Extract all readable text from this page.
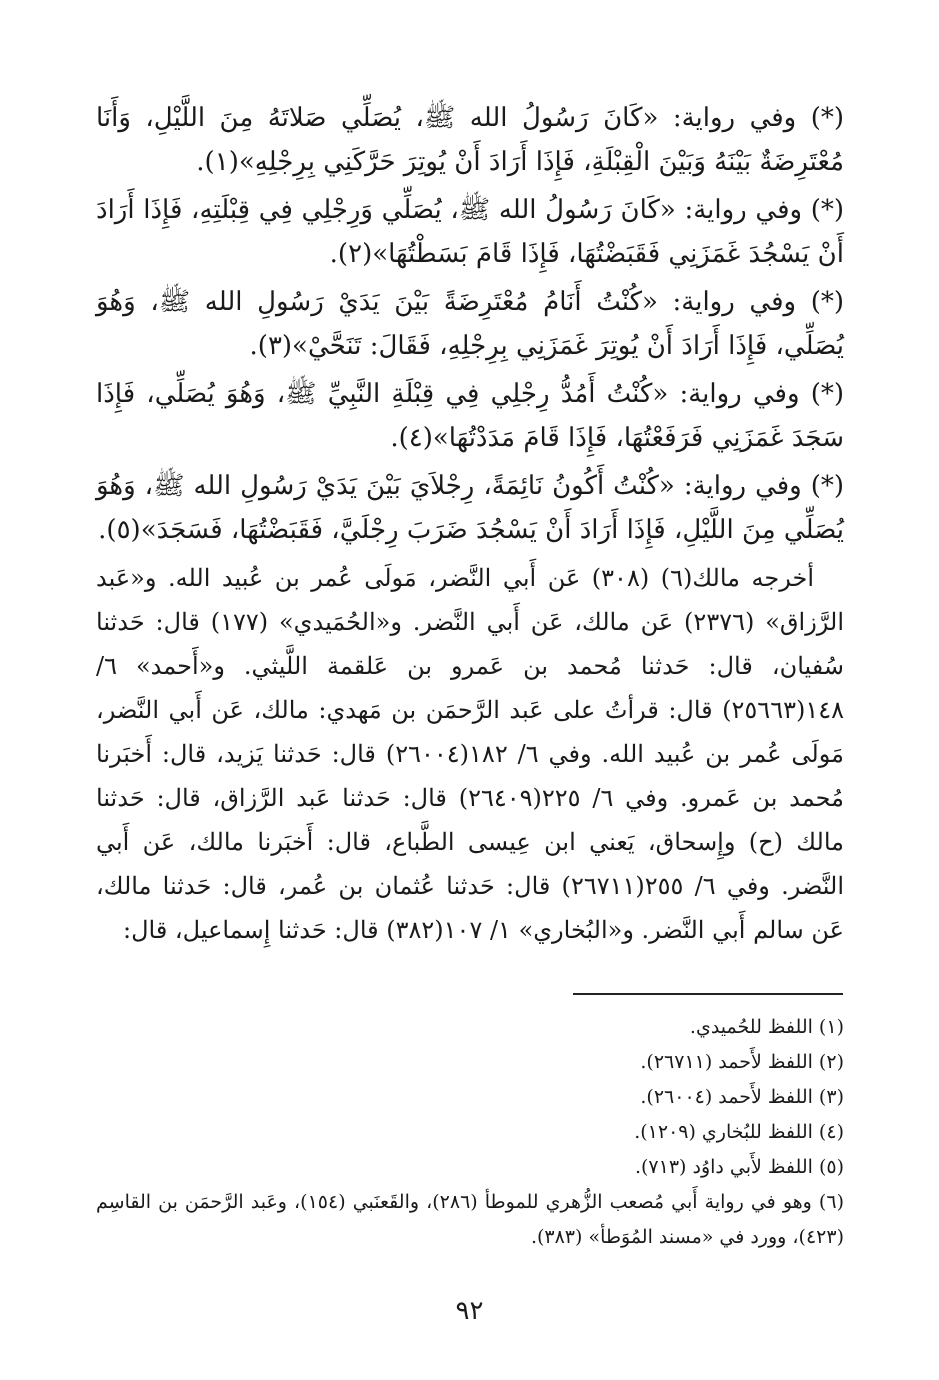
(*) وفي رواية: «كَانَ رَسُولُ الله ﷺ، يُصَلِّي صَلاتَهُ مِنَ اللَّيْلِ، وَأَنَا مُعْتَرِضَةٌ بَيْنَهُ وَبَيْنَ الْقِبْلَةِ، فَإِذَا أَرَادَ أَنْ يُوتِرَ حَرَّكَنِي بِرِجْلِهِ»(١).

(*) وفي رواية: «كَانَ رَسُولُ الله ﷺ، يُصَلِّي وَرِجْلِي فِي قِبْلَتِهِ، فَإِذَا أَرَادَ أَنْ يَسْجُدَ غَمَزَنِي فَقَبَضْتُهَا، فَإِذَا قَامَ بَسَطْتُهَا»(٢).

(*) وفي رواية: «كُنْتُ أَنَامُ مُعْتَرِضَةً بَيْنَ يَدَيْ رَسُولِ الله ﷺ، وَهُوَ يُصَلِّي، فَإِذَا أَرَادَ أَنْ يُوتِرَ غَمَزَنِي بِرِجْلِهِ، فَقَالَ: تَنَحَّيْ»(٣).

(*) وفي رواية: «كُنْتُ أَمُدُّ رِجْلِي فِي قِبْلَةِ النَّبِيِّ ﷺ، وَهُوَ يُصَلِّي، فَإِذَا سَجَدَ غَمَزَنِي فَرَفَعْتُهَا، فَإِذَا قَامَ مَدَدْتُهَا»(٤).

(*) وفي رواية: «كُنْتُ أَكُونُ نَائِمَةً، رِجْلاَيَ بَيْنَ يَدَيْ رَسُولِ الله ﷺ، وَهُوَ يُصَلِّي مِنَ اللَّيْلِ، فَإِذَا أَرَادَ أَنْ يَسْجُدَ ضَرَبَ رِجْلَيَّ، فَقَبَضْتُهَا، فَسَجَدَ»(٥).

أخرجه مالك(٦) (٣٠٨) عَن أَبي النَّضر، مَولَى عُمر بن عُبيد الله. و«عَبد الرَّزاق» (٢٣٧٦) عَن مالك، عَن أَبي النَّضر. و«الحُمَيدي» (١٧٧) قال: حَدثنا سُفيان، قال: حَدثنا مُحمد بن عَمرو بن عَلقمة اللَّيثي. و«أَحمد» ٦/ ١٤٨(٢٥٦٦٣) قال: قرأتُ على عَبد الرَّحمَن بن مَهدي: مالك، عَن أَبي النَّضر، مَولَى عُمر بن عُبيد الله. وفي ٦/ ١٨٢(٢٦٠٠٤) قال: حَدثنا يَزيد، قال: أَخبَرنا مُحمد بن عَمرو. وفي ٦/ ٢٢٥(٢٦٤٠٩) قال: حَدثنا عَبد الرَّزاق، قال: حَدثنا مالك (ح) وإِسحاق، يَعني ابن عِيسى الطَّباع، قال: أَخبَرنا مالك، عَن أَبي النَّضر. وفي ٦/ ٢٥٥(٢٦٧١١) قال: حَدثنا عُثمان بن عُمر، قال: حَدثنا مالك، عَن سالم أَبي النَّضر. و«البُخاري» ١/ ١٠٧(٣٨٢) قال: حَدثنا إِسماعيل، قال:

(١) اللفظ للحُميدي.

(٢) اللفظ لأَحمد (٢٦٧١١).

(٣) اللفظ لأَحمد (٢٦٠٠٤).

(٤) اللفظ للبُخاري (١٢٠٩).

(٥) اللفظ لأَبي داوُد (٧١٣).

(٦) وهو في رواية أَبي مُصعب الزُّهري للموطأ (٢٨٦)، والقَعنَبي (١٥٤)، وعَبد الرَّحمَن بن القاسِم (٤٢٣)، وورد في «مسند المُوَطأ» (٣٨٣).

٩٢
